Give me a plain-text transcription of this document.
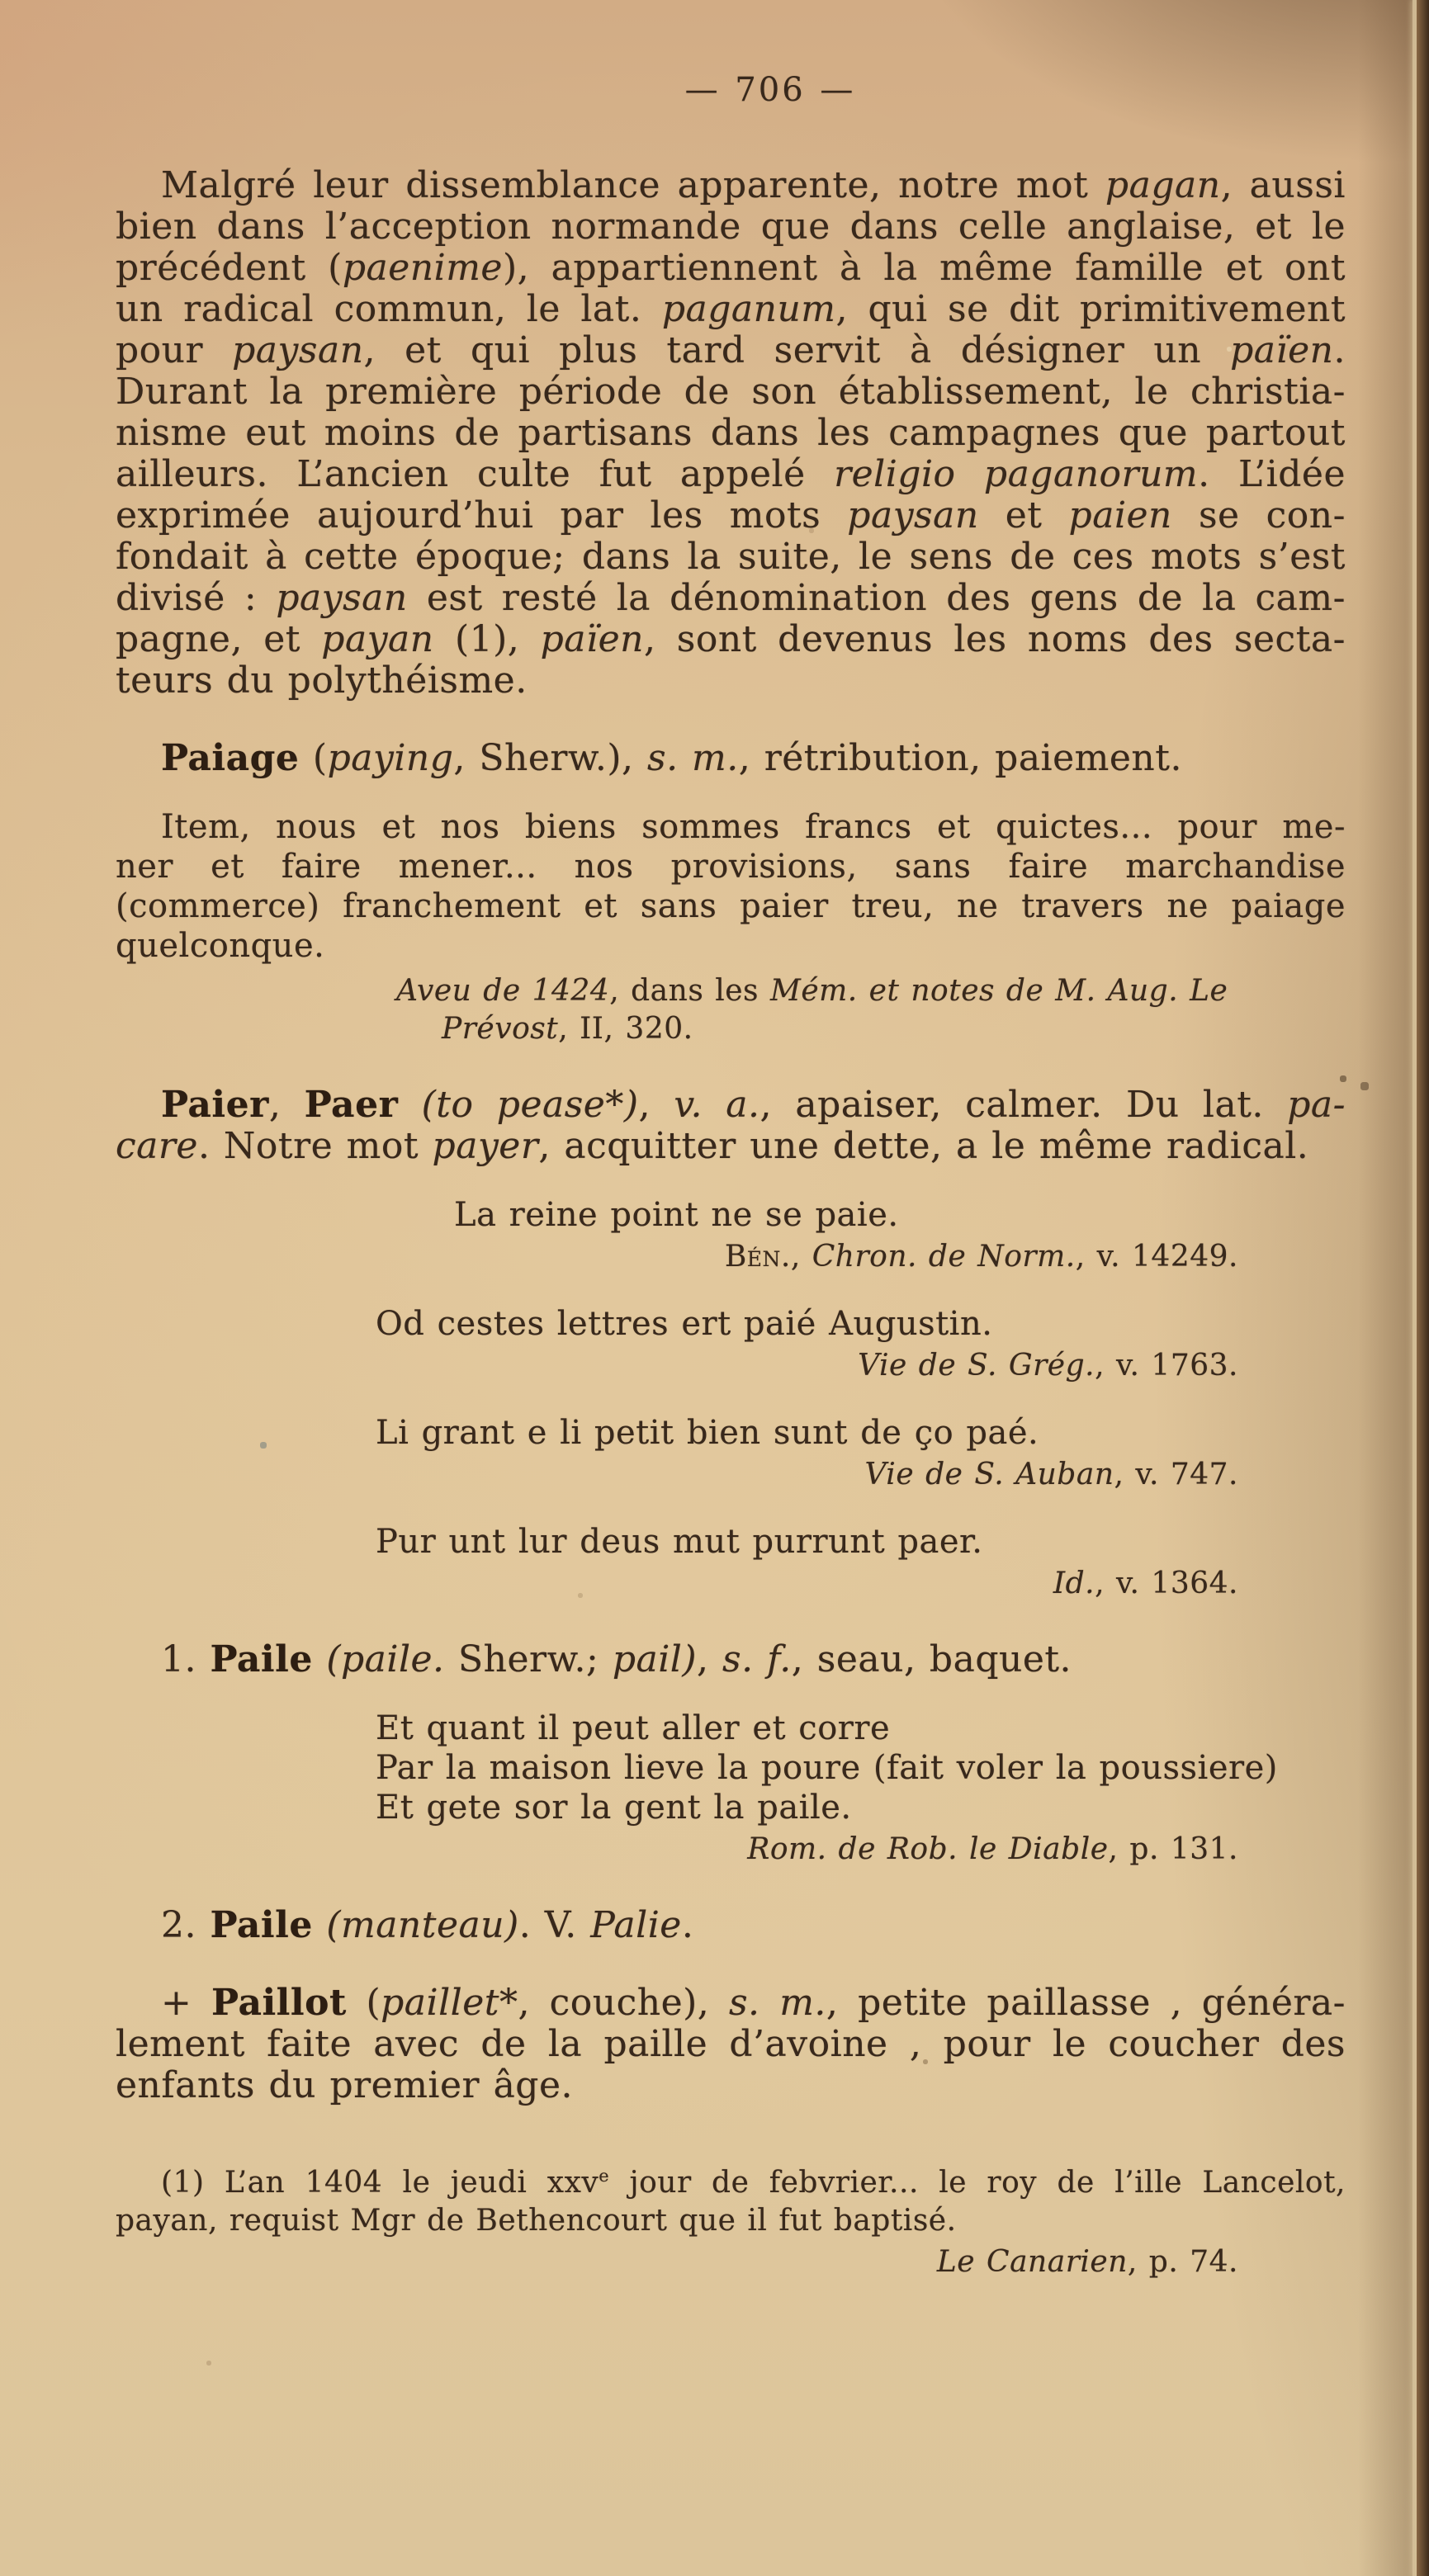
— 706 —
Malgré leur dissemblance apparente, notre mot pagan, aussi
bien dans l’acception normande que dans celle anglaise, et le
précédent (paenime), appartiennent à la même famille et ont
un radical commun, le lat. paganum, qui se dit primitivement
pour paysan, et qui plus tard servit à désigner un païen.
Durant la première période de son établissement, le christia-
nisme eut moins de partisans dans les campagnes que partout
ailleurs. L’ancien culte fut appelé religio paganorum. L’idée
exprimée aujourd’hui par les mots paysan et paien se con-
fondait à cette époque; dans la suite, le sens de ces mots s’est
divisé : paysan est resté la dénomination des gens de la cam-
pagne, et payan (1), païen, sont devenus les noms des secta-
teurs du polythéisme.
Paiage (paying, Sherw.), s. m., rétribution, paiement.
Item, nous et nos biens sommes francs et quictes... pour me-
ner et faire mener... nos provisions, sans faire marchandise
(commerce) franchement et sans paier treu, ne travers ne paiage
quelconque.
Aveu de 1424, dans les Mém. et notes de M. Aug. Le
Prévost, II, 320.
Paier, Paer (to pease*), v. a., apaiser, calmer. Du lat. pa-
care. Notre mot payer, acquitter une dette, a le même radical.
La reine point ne se paie.
Bén., Chron. de Norm., v. 14249.
Od cestes lettres ert paié Augustin.
Vie de S. Grég., v. 1763.
Li grant e li petit bien sunt de ço paé.
Vie de S. Auban, v. 747.
Pur unt lur deus mut purrunt paer.
Id., v. 1364.
1. Paile (paile. Sherw.; pail), s. f., seau, baquet.
Et quant il peut aller et corre
Par la maison lieve la poure (fait voler la poussiere)
Et gete sor la gent la paile.
Rom. de Rob. le Diable, p. 131.
2. Paile (manteau). V. Palie.
+ Paillot (paillet*, couche), s. m., petite paillasse , généra-
lement faite avec de la paille d’avoine , pour le coucher des
enfants du premier âge.
(1) L’an 1404 le jeudi xxv$^e$ jour de febvrier... le roy de l’ille Lancelot,
payan, requist Mgr de Bethencourt que il fut baptisé.
Le Canarien, p. 74.
